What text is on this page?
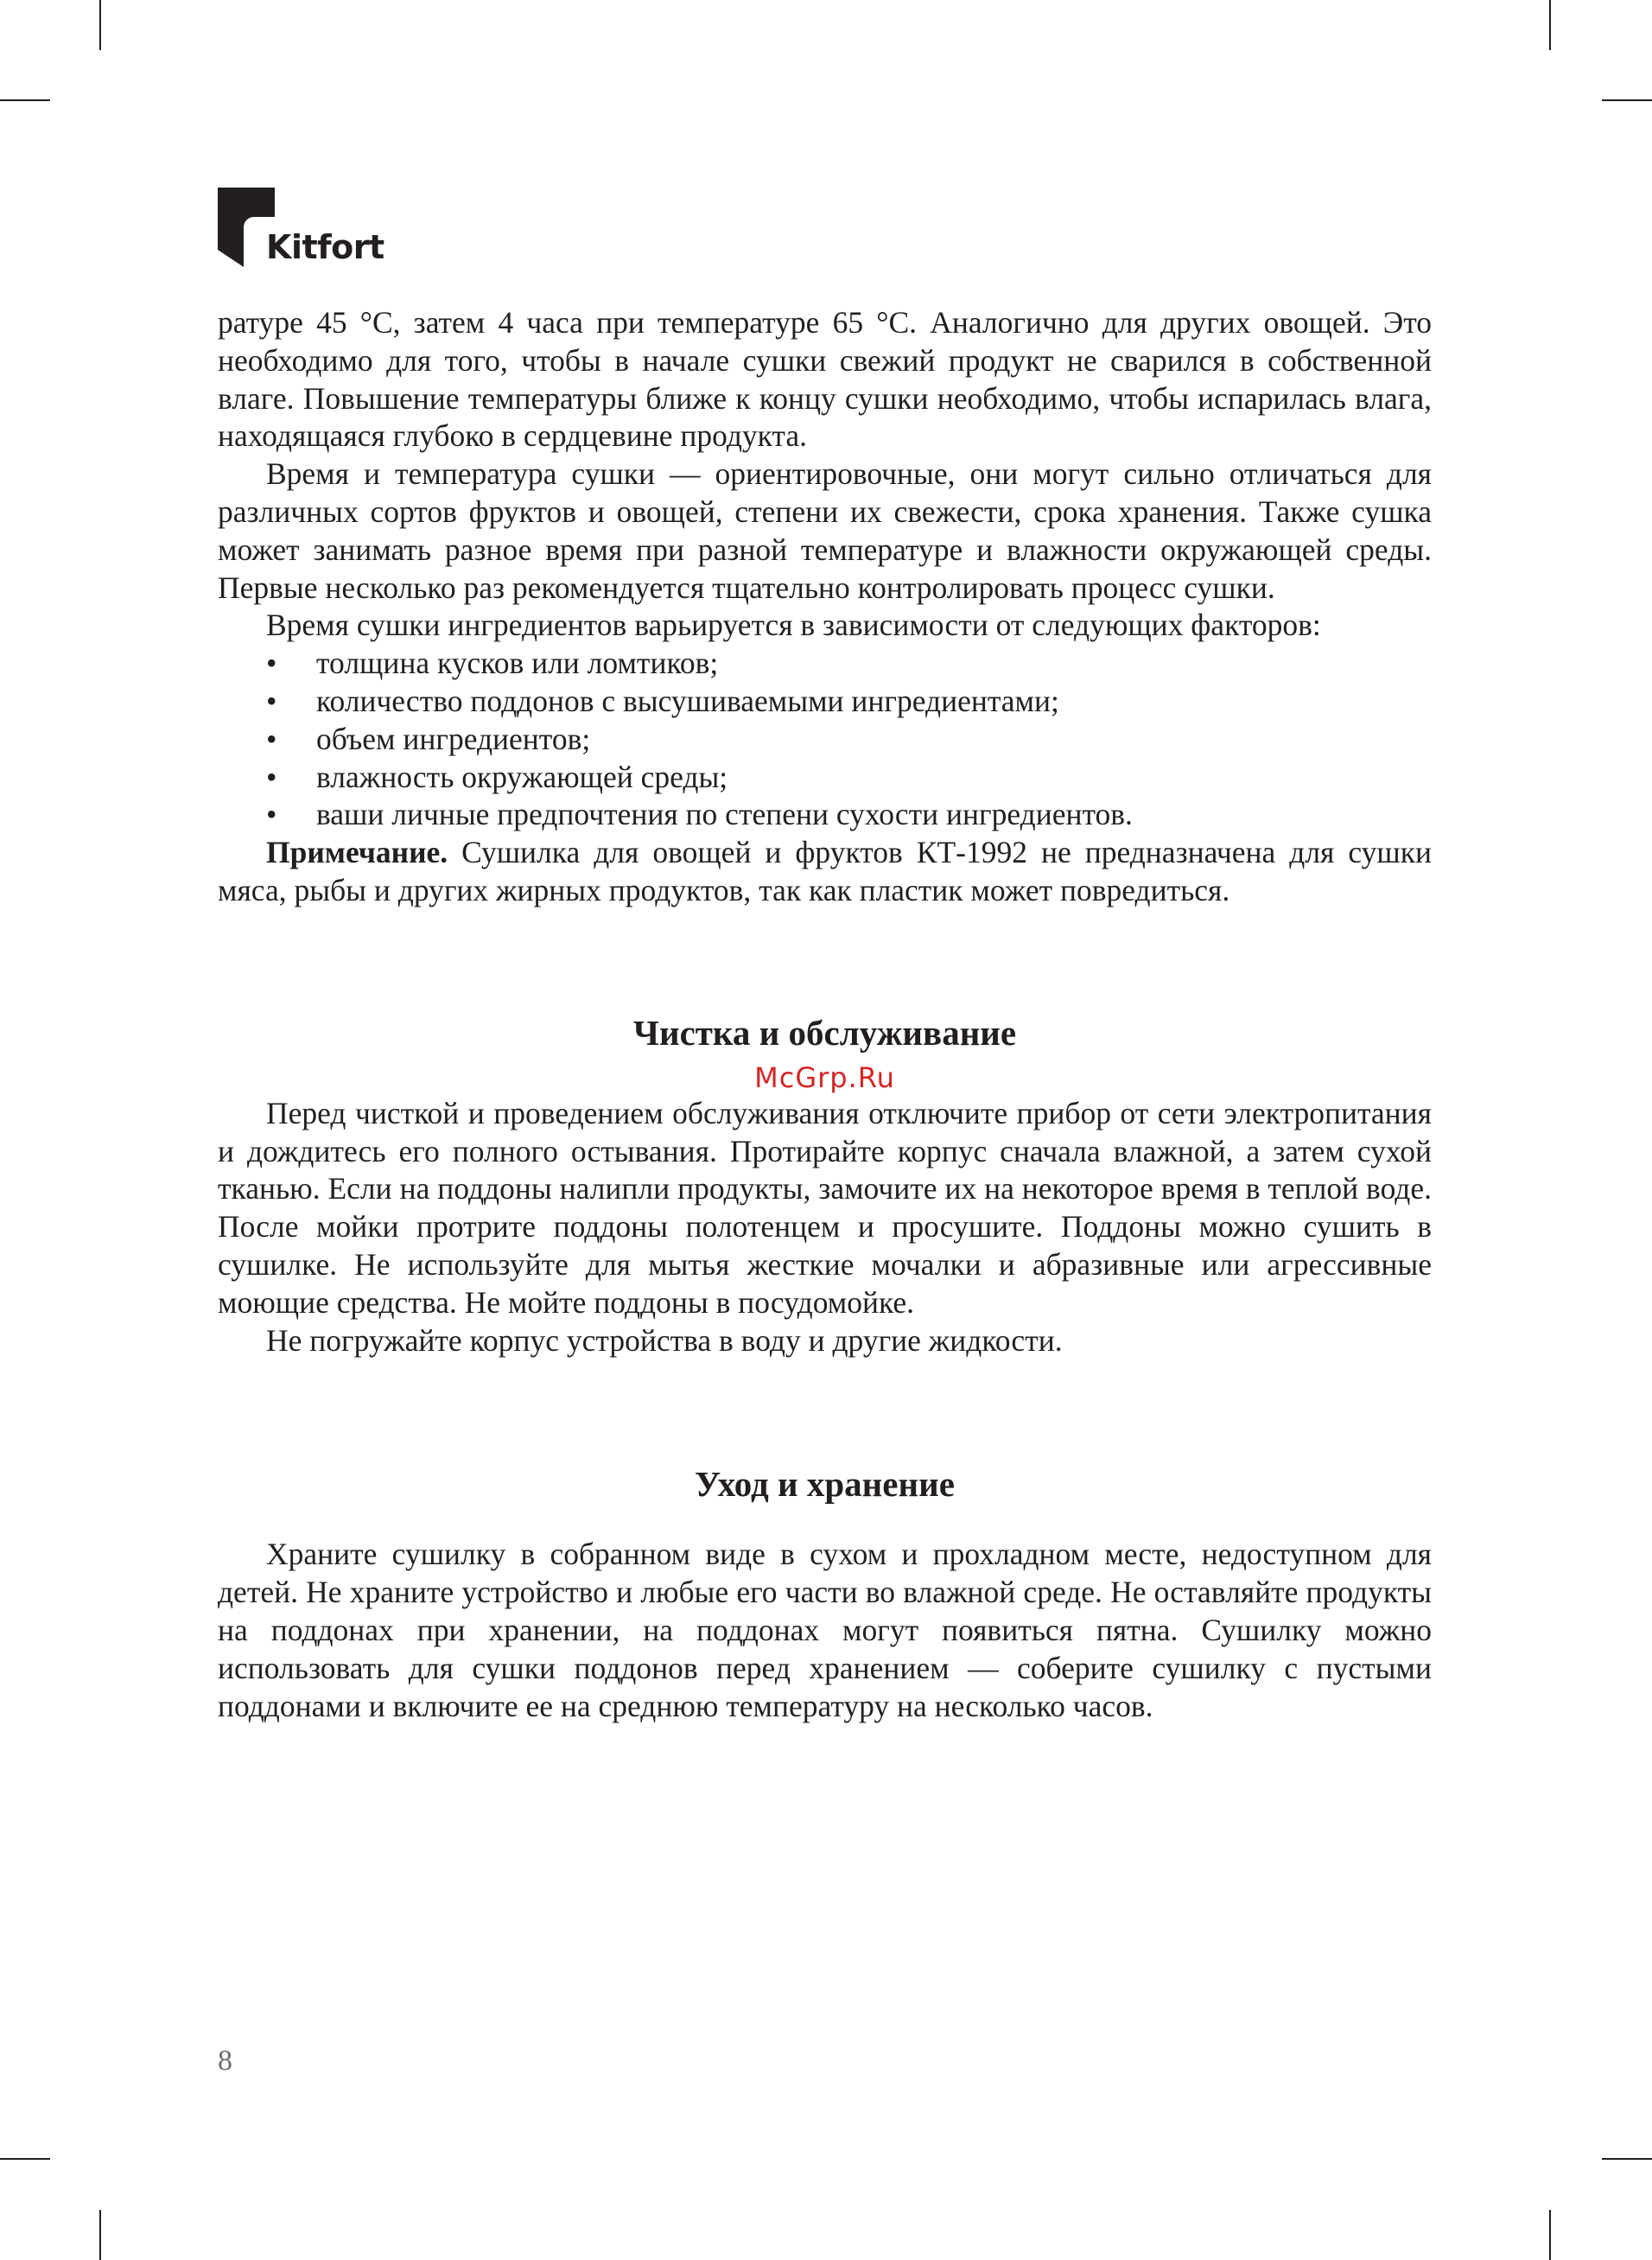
Kitfort

ратуре 45 °С, затем 4 часа при температуре 65 °С. Аналогично для других овощей. Это необходимо для того, чтобы в начале сушки свежий продукт не сварился в собственной влаге. Повышение температуры ближе к концу сушки необходимо, чтобы испарилась влага, находящаяся глубоко в сердцевине продукта.

Время и температура сушки — ориентировочные, они могут сильно отличаться для различных сортов фруктов и овощей, степени их свежести, срока хранения. Также сушка может занимать разное время при разной температуре и влажности окружающей среды. Первые несколько раз рекомендуется тщательно контролировать процесс сушки.

Время сушки ингредиентов варьируется в зависимости от следующих факторов:

• толщина кусков или ломтиков;
• количество поддонов с высушиваемыми ингредиентами;
• объем ингредиентов;
• влажность окружающей среды;
• ваши личные предпочтения по степени сухости ингредиентов.

Примечание. Сушилка для овощей и фруктов КТ-1992 не предназначена для сушки мяса, рыбы и других жирных продуктов, так как пластик может повредиться.

Чистка и обслуживание
McGrp.Ru

Перед чисткой и проведением обслуживания отключите прибор от сети электропитания и дождитесь его полного остывания. Протирайте корпус сначала влажной, а затем сухой тканью. Если на поддоны налипли продукты, замочите их на некоторое время в теплой воде. После мойки протрите поддоны полотенцем и просушите. Поддоны можно сушить в сушилке. Не используйте для мытья жесткие мочалки и абразивные или агрессивные моющие средства. Не мойте поддоны в посудомойке.

Не погружайте корпус устройства в воду и другие жидкости.

Уход и хранение

Храните сушилку в собранном виде в сухом и прохладном месте, недоступном для детей. Не храните устройство и любые его части во влажной среде. Не оставляйте продукты на поддонах при хранении, на поддонах могут появиться пятна. Сушилку можно использовать для сушки поддонов перед хранением — соберите сушилку с пустыми поддонами и включите ее на среднюю температуру на несколько часов.

8
